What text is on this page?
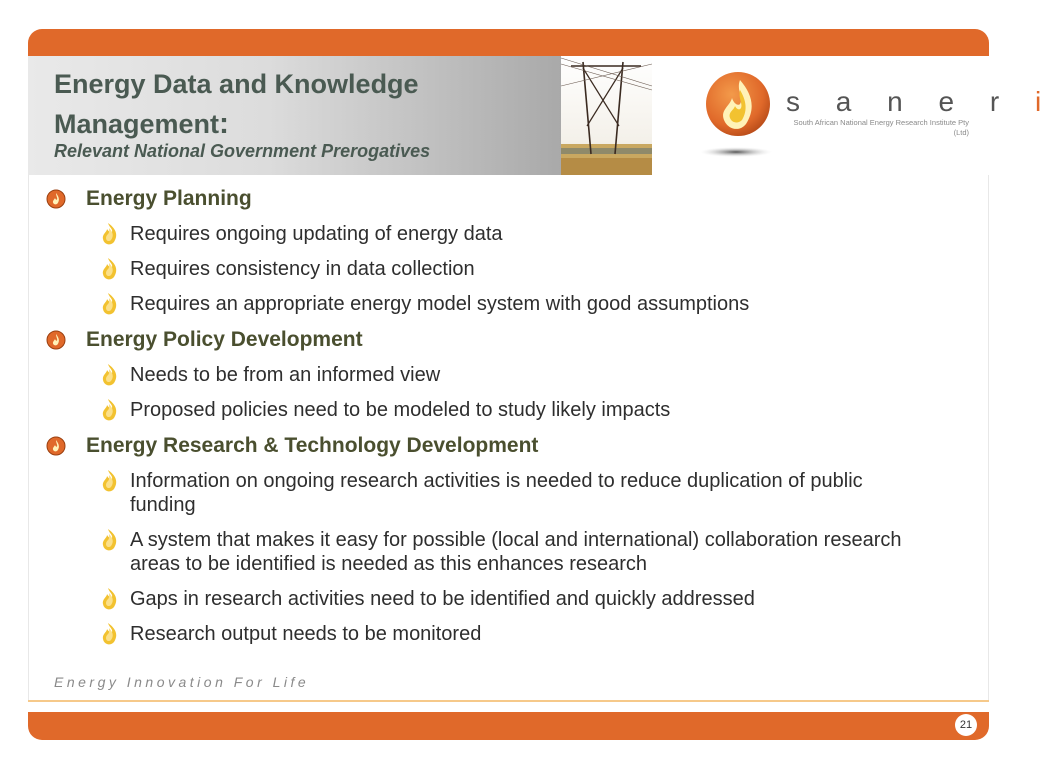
Energy Data and Knowledge Management:
Relevant National Government Prerogatives
s a n e r i
South African National Energy Research Institute Pty (Ltd)
Energy Planning
Requires ongoing updating of energy data
Requires consistency in data collection
Requires an appropriate energy model system with good assumptions
Energy Policy Development
Needs to be from an informed view
Proposed policies need to be modeled to study likely impacts
Energy Research & Technology Development
Information on ongoing research activities is needed to reduce duplication of public funding
A system that makes it easy for possible (local and international) collaboration research areas to be identified is needed as this enhances research
Gaps in research activities need to be identified and quickly addressed
Research output needs to be monitored
Energy Innovation For Life
21
